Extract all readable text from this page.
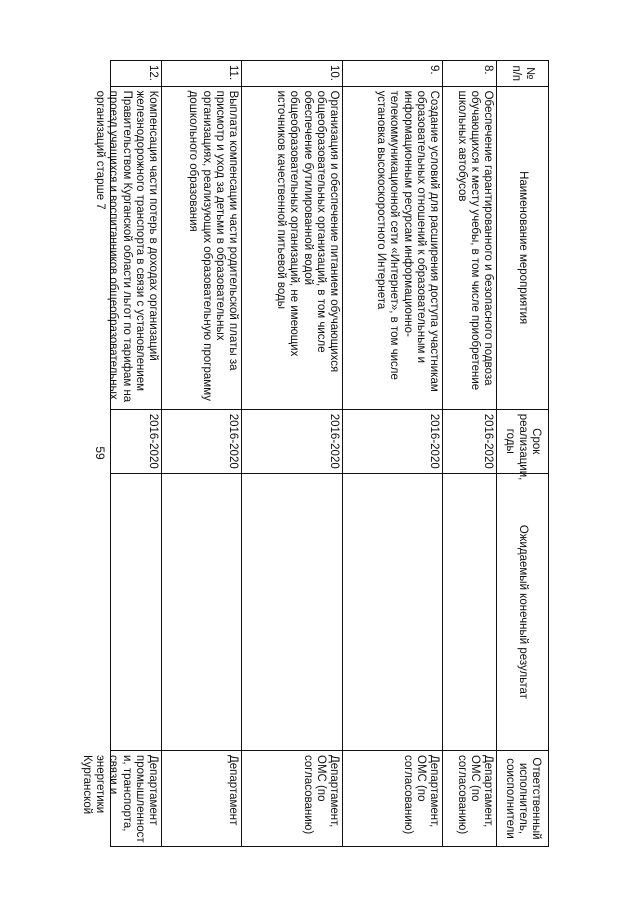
59
№ п/п	Наименование мероприятия	Срок реализации, годы	Ожидаемый конечный результат	Ответственный исполнитель, соисполнители
8.	Обеспечение гарантированного и безопасного подвоза обучающихся к месту учебы, в том числе приобретение школьных автобусов	2016-2020		Департамент, ОМС (по согласованию)
9.	Создание условий для расширения доступа участникам образовательных отношений к образовательным и информационным ресурсам информационно-телекоммуникационной сети «Интернет», в том числе установка высокоскоростного Интернета	2016-2020		Департамент, ОМС (по согласованию)
10.	Организация и обеспечение питанием обучающихся общеобразовательных организаций, в том числе обеспечение бутилированной водой общеобразовательных организаций, не имеющих источников качественной питьевой воды	2016-2020		Департамент, ОМС (по согласованию)
11.	Выплата компенсации части родительской платы за присмотр и уход за детьми в образовательных организациях, реализующих образовательную программу дошкольного образования	2016-2020		Департамент
12.	Компенсация части потерь в доходах организаций железнодорожного транспорта в связи с установлением Правительством Курганской области льгот по тарифам на проезд учащихся и воспитанников общеобразовательных организаций старше 7	2016-2020		Департамент промышленност и, транспорта, связи и энергетики Курганской
